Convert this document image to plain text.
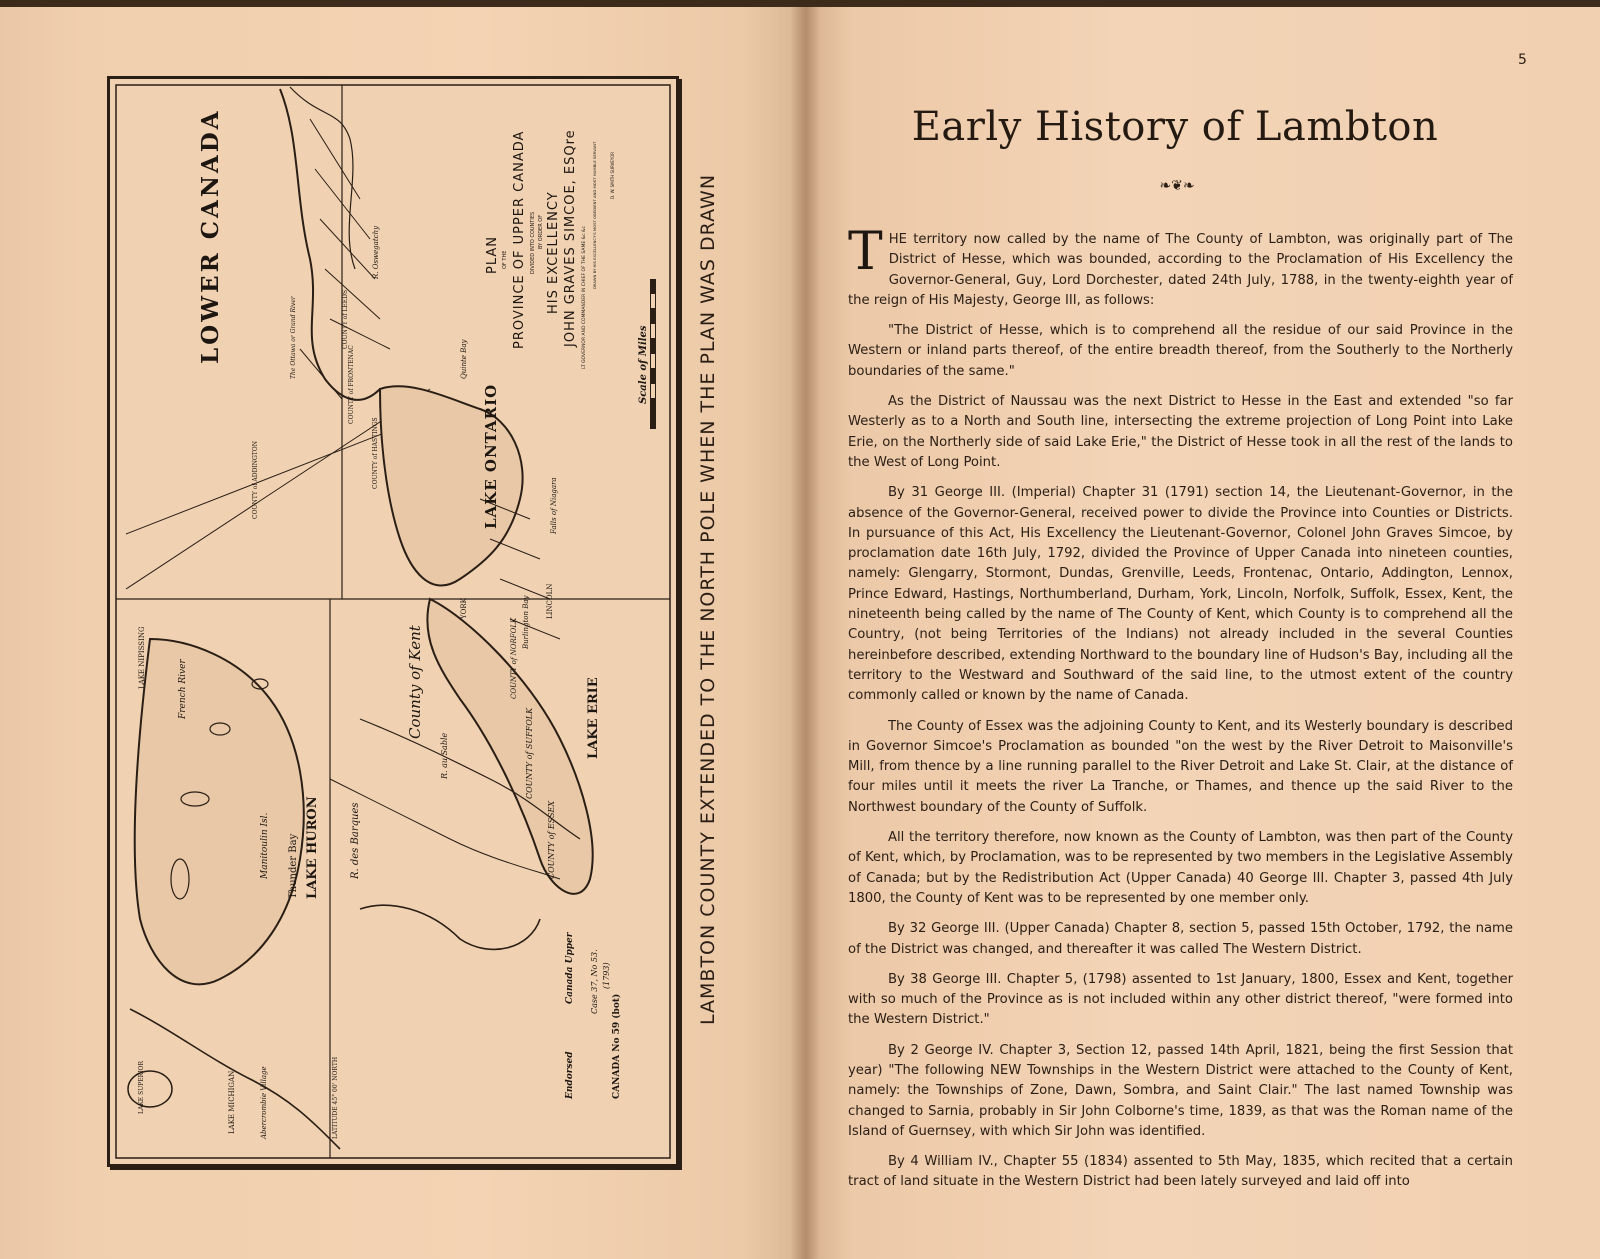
LOWER CANADA
LAKE ONTARIO
LAKE ERIE
LAKE HURON
County of Kent
Thunder Bay
Manitoulin Isl.
French River
LAKE NIPISSING
LAKE MICHIGAN
R. au Sable
R. des Barques	COUNTY of ESSEX
COUNTY of SUFFOLK
COUNTY of NORFOLK
LINCOLN
YORK
COUNTY of FRONTENAC
COUNTY of LEEDS
COUNTY of HASTINGS
COUNTY of ADDINGTON
Burlington Bay
Falls of Niagara
Quinte Bay
The Ottawa or Grand River
R. Oswegatchy
LATITUDE 45° 00' NORTH
Abercrombie Village
LAKE SUPERIOR
PLAN OF THE PROVINCE OF UPPER CANADA DIVIDED INTO COUNTIES BY ORDER OF HIS EXCELLENCY JOHN GRAVES SIMCOE, ESQre LT GOVERNOR AND COMMANDER IN CHIEF OF THE SAME &c &c
DRAWN BY HIS EXCELLENCY'S MOST OBEDIENT AND MOST HUMBLE SERVANT	D. W. SMITH SURVEYOR
Scale of Miles
Endorsed
Canada Upper Case 37, No 53. (1793)
CANADA No 59 (bot)
LAMBTON COUNTY EXTENDED TO THE NORTH POLE WHEN THE PLAN WAS DRAWN
5
Early History of Lambton
❧❦❧

THE territory now called by the name of The County of Lambton, was originally part of The District of Hesse, which was bounded, according to the Proclamation of His Excellency the Governor-General, Guy, Lord Dorchester, dated 24th July, 1788, in the twenty-eighth year of the reign of His Majesty, George III, as follows:

"The District of Hesse, which is to comprehend all the residue of our said Province in the Western or inland parts thereof, of the entire breadth thereof, from the Southerly to the Northerly boundaries of the same."

As the District of Naussau was the next District to Hesse in the East and extended "so far Westerly as to a North and South line, intersecting the extreme projection of Long Point into Lake Erie, on the Northerly side of said Lake Erie," the District of Hesse took in all the rest of the lands to the West of Long Point.

By 31 George III. (Imperial) Chapter 31 (1791) section 14, the Lieutenant-Governor, in the absence of the Governor-General, received power to divide the Province into Counties or Districts. In pursuance of this Act, His Excellency the Lieutenant-Governor, Colonel John Graves Simcoe, by proclamation date 16th July, 1792, divided the Province of Upper Canada into nineteen counties, namely: Glengarry, Stormont, Dundas, Grenville, Leeds, Frontenac, Ontario, Addington, Lennox, Prince Edward, Hastings, Northumberland, Durham, York, Lincoln, Norfolk, Suffolk, Essex, Kent, the nineteenth being called by the name of The County of Kent, which County is to comprehend all the Country, (not being Territories of the Indians) not already included in the several Counties hereinbefore described, extending Northward to the boundary line of Hudson's Bay, including all the territory to the Westward and Southward of the said line, to the utmost extent of the country commonly called or known by the name of Canada.

The County of Essex was the adjoining County to Kent, and its Westerly boundary is described in Governor Simcoe's Proclamation as bounded "on the west by the River Detroit to Maisonville's Mill, from thence by a line running parallel to the River Detroit and Lake St. Clair, at the distance of four miles until it meets the river La Tranche, or Thames, and thence up the said River to the Northwest boundary of the County of Suffolk.

All the territory therefore, now known as the County of Lambton, was then part of the County of Kent, which, by Proclamation, was to be represented by two members in the Legislative Assembly of Canada; but by the Redistribution Act (Upper Canada) 40 George III. Chapter 3, passed 4th July 1800, the County of Kent was to be represented by one member only.

By 32 George III. (Upper Canada) Chapter 8, section 5, passed 15th October, 1792, the name of the District was changed, and thereafter it was called The Western District.

By 38 George III. Chapter 5, (1798) assented to 1st January, 1800, Essex and Kent, together with so much of the Province as is not included within any other district thereof, "were formed into the Western District."

By 2 George IV. Chapter 3, Section 12, passed 14th April, 1821, being the first Session that year) "The following NEW Townships in the Western District were attached to the County of Kent, namely: the Townships of Zone, Dawn, Sombra, and Saint Clair." The last named Township was changed to Sarnia, probably in Sir John Colborne's time, 1839, as that was the Roman name of the Island of Guernsey, with which Sir John was identified.

By 4 William IV., Chapter 55 (1834) assented to 5th May, 1835, which recited that a certain tract of land situate in the Western District had been lately surveyed and laid off into
